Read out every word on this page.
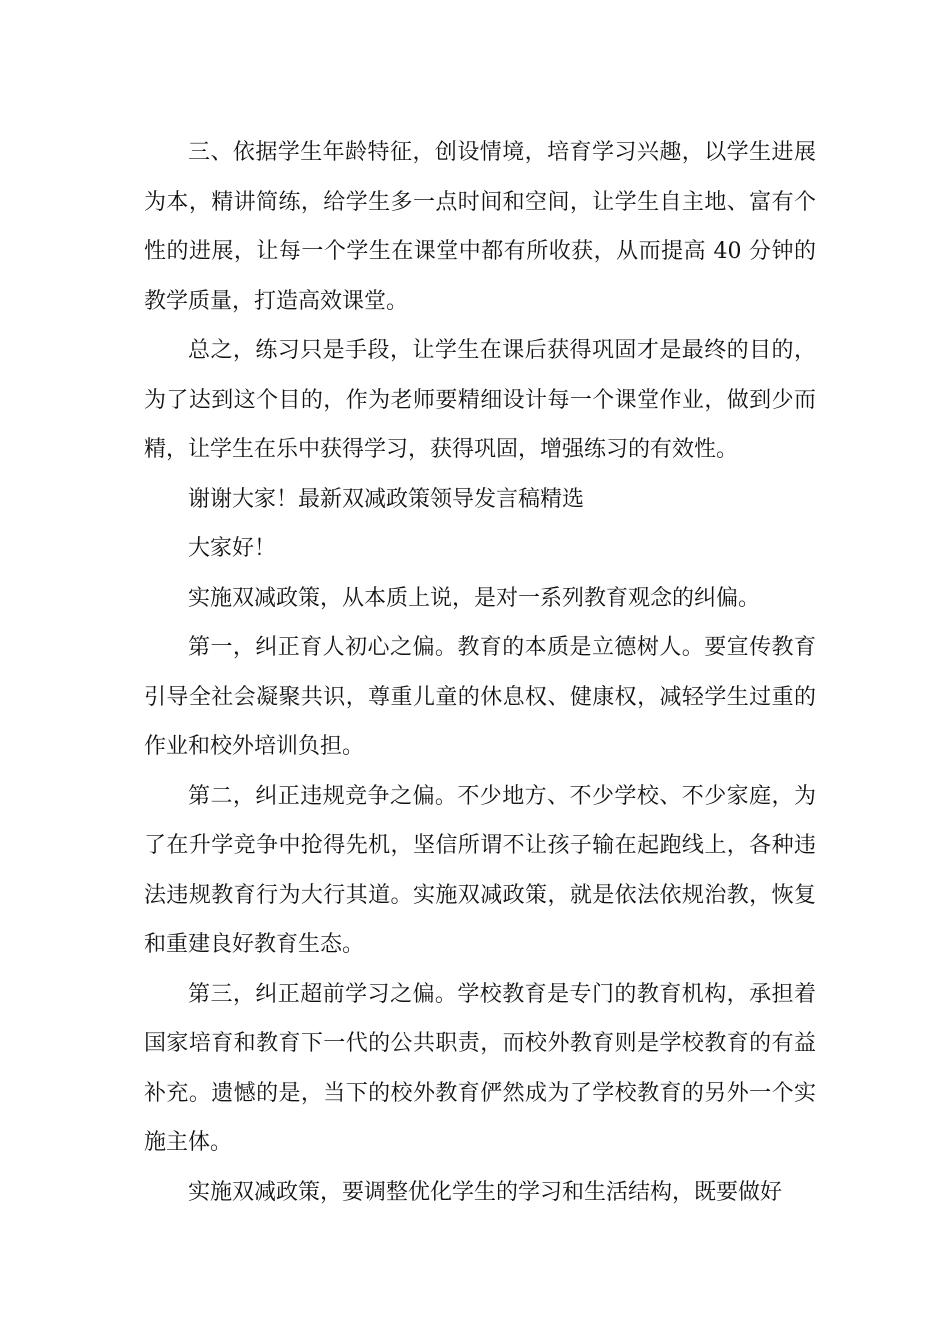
三、依据学生年龄特征，创设情境，培育学习兴趣，以学生进展为本，精讲简练，给学生多一点时间和空间，让学生自主地、富有个性的进展，让每一个学生在课堂中都有所收获，从而提高 40 分钟的教学质量，打造高效课堂。

总之，练习只是手段，让学生在课后获得巩固才是最终的目的，为了达到这个目的，作为老师要精细设计每一个课堂作业，做到少而精，让学生在乐中获得学习，获得巩固，增强练习的有效性。

谢谢大家！最新双减政策领导发言稿精选

大家好！

实施双减政策，从本质上说，是对一系列教育观念的纠偏。

第一，纠正育人初心之偏。教育的本质是立德树人。要宣传教育引导全社会凝聚共识，尊重儿童的休息权、健康权，减轻学生过重的作业和校外培训负担。

第二，纠正违规竞争之偏。不少地方、不少学校、不少家庭，为了在升学竞争中抢得先机，坚信所谓不让孩子输在起跑线上，各种违法违规教育行为大行其道。实施双减政策，就是依法依规治教，恢复和重建良好教育生态。

第三，纠正超前学习之偏。学校教育是专门的教育机构，承担着国家培育和教育下一代的公共职责，而校外教育则是学校教育的有益补充。遗憾的是，当下的校外教育俨然成为了学校教育的另外一个实施主体。

实施双减政策，要调整优化学生的学习和生活结构，既要做好
